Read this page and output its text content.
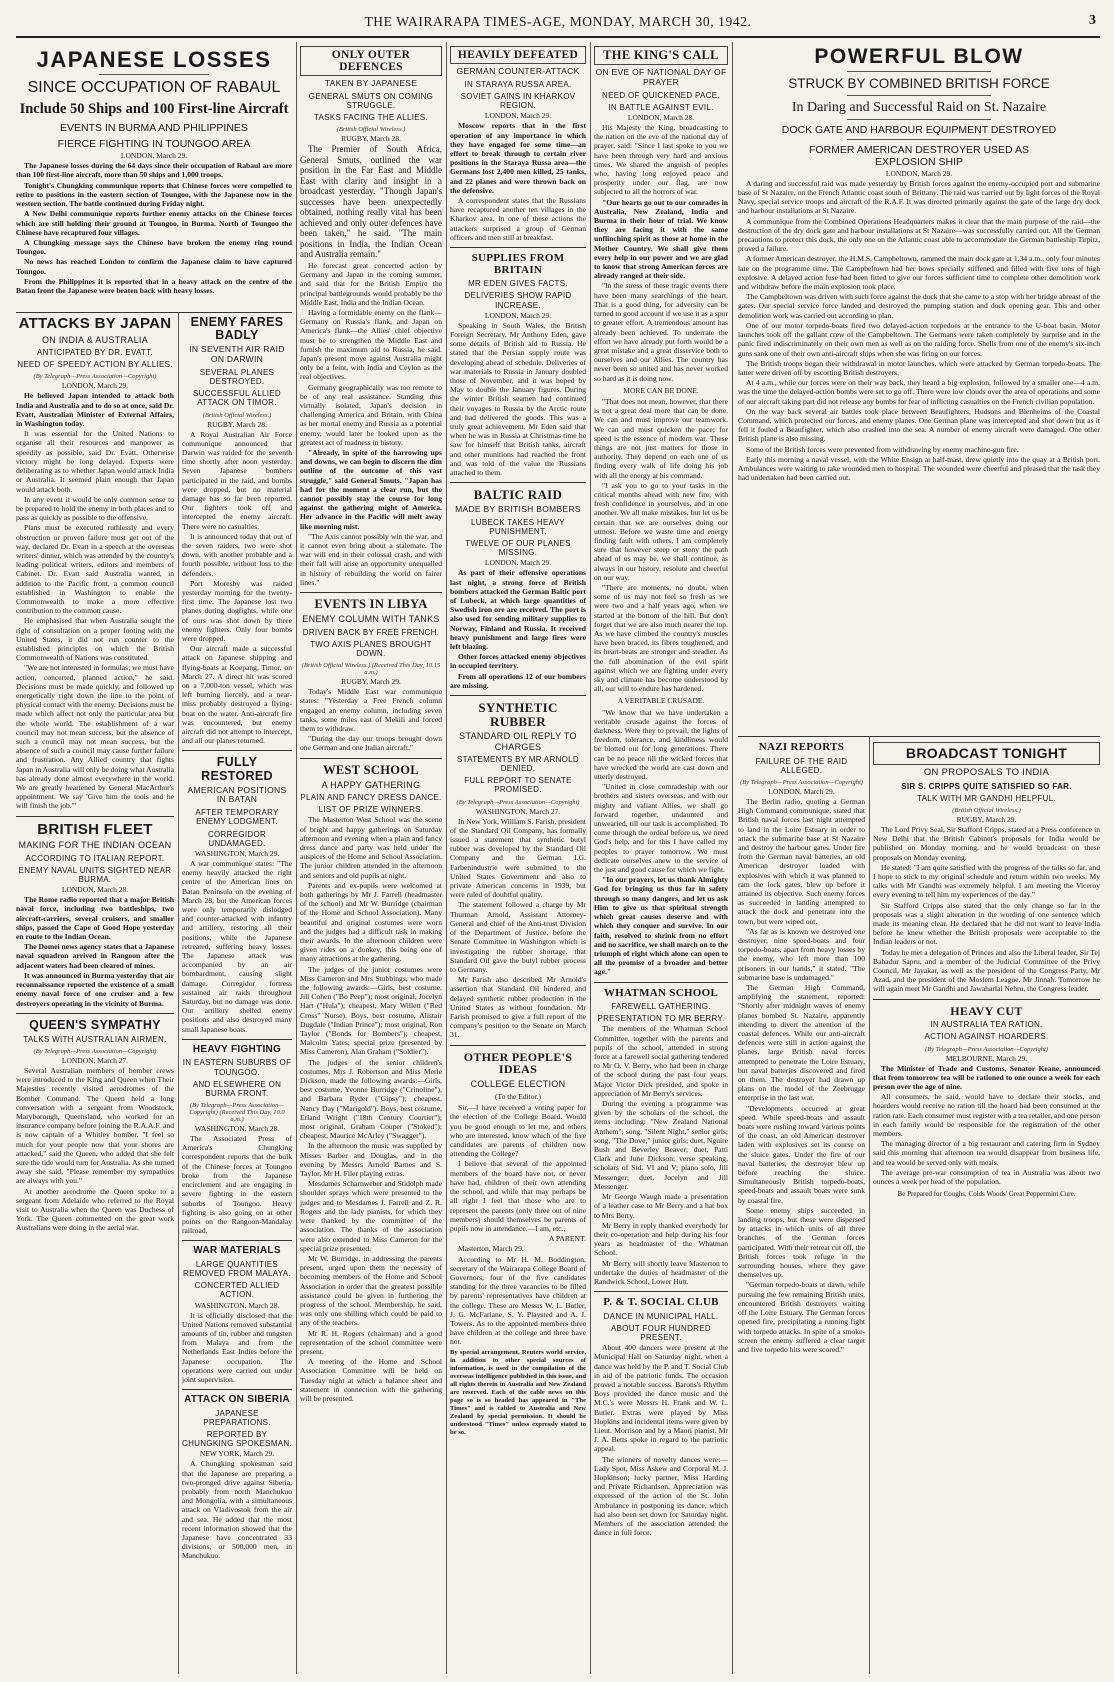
THE WAIRARAPA TIMES-AGE, MONDAY, MARCH 30, 1942.	3
JAPANESE LOSSES
SINCE OCCUPATION OF RABAUL
Include 50 Ships and 100 First-line Aircraft
EVENTS IN BURMA AND PHILIPPINES
FIERCE FIGHTING IN TOUNGOO AREA
LONDON, March 29.

The Japanese losses during the 64 days since their occupation of Rabaul are more than 100 first-line aircraft, more than 50 ships and 1,000 troops.

Tonight's Chungking communique reports that Chinese forces were compelled to retire to positions in the eastern section of Toungoo, with the Japanese now in the western section. The battle continued during Friday night.

A New Delhi communique reports further enemy attacks on the Chinese forces which are still holding their ground at Toungoo, in Burma. North of Toungoo the Chinese have recaptured four villages.

A Chungking message says the Chinese have broken the enemy ring round Toungoo.

No news has reached London to confirm the Japanese claim to have captured Toungoo.

From the Philippines it is reported that in a heavy attack on the centre of the Batan front the Japanese were beaten back with heavy losses.

ATTACKS BY JAPAN
ON INDIA & AUSTRALIA
ANTICIPATED BY DR. EVATT.
NEED OF SPEEDY ACTION BY ALLIES.
(By Telegraph—Press Association—Copyright)
LONDON, March 29.

He believed Japan intended to attack both India and Australia and to do so at once, said Dr. Evatt, Australian Minister of External Affairs, in Washington today.

It was essential for the United Nations to organise all their resources and manpower as speedily as possible, said Dr. Evatt. Otherwise victory might be long delayed. Experts were deliberating as to whether Japan would attack India or Australia. It seemed plain enough that Japan would attack both.

In any event it would be only common sense to be prepared to hold the enemy in both places and to pass as quickly as possible to the offensive.

Plans must be executed ruthlessly and every obstruction or proven failure must get out of the way, declared Dr. Evatt in a speech at the overseas writers' dinner, which was attended by the country's leading political writers, editors and members of Cabinet. Dr. Evatt said Australia wanted, in addition to the Pacific front, a common council established in Washington to enable the Commonwealth to make a more effective contribution to the common cause.

He emphasised that when Australia sought the right of consultation on a proper footing with the United States, it did not run counter to the established principles on which the British Commonwealth of Nations was constituted.

"We are not interested in formulas; we must have action, concerted, planned action," he said. Decisions must be made quickly, and followed up energetically right down the line to the point of physical contact with the enemy. Decisions must be made which affect not only the particular area but the whole world. The establishment of a war council may not mean success, but the absence of such a council may not mean success, but the absence of such a council may cause further failure and frustration. Any Allied country that fights Japan in Australia will only be doing what Australia has already done almost everywhere in the world. We are greatly heartened by General MacArthur's appointment. We say 'Give him the tools and he will finish the job.'"

BRITISH FLEET
MAKING FOR THE INDIAN OCEAN
ACCORDING TO ITALIAN REPORT.
ENEMY NAVAL UNITS SIGHTED NEAR BURMA.
LONDON, March 28.

The Rome radio reported that a major British naval force, including two battleships, two aircraft-carriers, several cruisers, and smaller ships, passed the Cape of Good Hope yesterday en route to the Indian Ocean.

The Domei news agency states that a Japanese naval squadron arrived in Rangoon after the adjacent waters had been cleared of mines.

It was announced in Burma yesterday that air reconnaissance reported the existence of a small enemy naval force of one cruiser and a few destroyers operating in the vicinity of Burma.

QUEEN'S SYMPATHY
TALKS WITH AUSTRALIAN AIRMEN.
(By Telegraph—Press Association—Copyright)
LONDON, March 27.

Several Australian members of bomber crews were introduced to the King and Queen when Their Majesties recently visited aerodromes of the Bomber Command. The Queen held a long conversation with a sergeant from Woodstock, Maryborough, Queensland, who worked for an insurance company before joining the R.A.A.F. and is now captain of a Whitley bomber. "I feel so much for your people now that your shores are attacked," said the Queen, who added that she felt sure the tide would turn for Australia. As she turned away she said, "Please remember my sympathies are always with you."

At another aerodrome the Queen spoke to a sergeant from Adelaide who referred to the Royal visit to Australia when the Queen was Duchess of York. The Queen commented on the great work Australians were doing in the aerial war.

ENEMY FARES BADLY
IN SEVENTH AIR RAID ON DARWIN
SEVERAL PLANES DESTROYED.
SUCCESSFUL ALLIED ATTACK ON TIMOR.
(British Official Wireless.)
RUGBY, March 28.

A Royal Australian Air Force communique announced that Darwin was raided for the seventh time shortly after noon yesterday. Seven Japanese bombers participated in the raid, and bombs were dropped, but no material damage has so far been reported. Our fighters took off and intercepted the enemy aircraft. There were no casualties.

It is announced today that out of the seven raiders, two were shot down, with another probable and a fourth possible, without loss to the defenders.

Port Moresby was raided yesterday morning for the twenty-first time. The Japanese lost two planes during dogfights, while one of ours was shot down by three enemy fighters. Only four bombs were dropped.

Our aircraft made a successful attack on Japanese shipping and flying-boats at Koepang, Timor, on March 27. A direct hit was scored on a 7,000-ton vessel, which was left burning fiercely, and a near-miss probably destroyed a flying-boat on the water. Anti-aircraft fire was encountered, but enemy aircraft did not attempt to intercept, and all our planes returned.

FULLY RESTORED
AMERICAN POSITIONS IN BATAN
AFTER TEMPORARY ENEMY LODGMENT.
CORREGIDOR UNDAMAGED.
WASHINGTON, March 29.

A war communique states: "The enemy heavily attacked the right centre of the American lines on Batan Peninsula on the evening of March 28, but the American forces were only temporarily dislodged and counter-attacked with infantry and artillery, restoring all their positions, while the Japanese retreated, suffering heavy losses. The Japanese attack was accompanied by an air bombardment, causing slight damage. Corregidor fortress sustained air raids throughout Saturday, but no damage was done. Our artillery shelled enemy positions and also destroyed many small Japanese boats.

HEAVY FIGHTING
IN EASTERN SUBURBS OF TOUNGOO.
AND ELSEWHERE ON BURMA FRONT.
(By Telegraph—Press Association—Copyright) (Received This Day, 10.0 a.m.)
WASHINGTON, March 28.

The Associated Press of America's Chungking correspondent reports that the bulk of the Chinese forces at Toungoo broke from the Japanese encirclement and are engaging in severe fighting in the eastern suburbs of Toungoo. Heavy fighting is also going on at other points on the Rangoon-Mandalay railroad.

WAR MATERIALS
LARGE QUANTITIES REMOVED FROM MALAYA.
CONCERTED ALLIED ACTION.
WASHINGTON, March 28.

It is officially disclosed that the United Nations removed substantial amounts of tin, rubber and tungsten from Malaya and from the Netherlands East Indies before the Japanese occupation. The operations were carried out under joint supervision.

ATTACK ON SIBERIA
JAPANESE PREPARATIONS.
REPORTED BY CHUNGKING SPOKESMAN.
NEW YORK, March 29.

A Chungking spokesman said that the Japanese are preparing a two-pronged drive against Siberia, probably from north Manchukuo and Mongolia, with a simultaneous attack on Vladivostok from the air and sea. He added that the most recent information showed that the Japanese have concentrated 33 divisions, or 500,000 men, in Manchukuo.

ONLY OUTER DEFENCES
TAKEN BY JAPANESE
GENERAL SMUTS ON COMING STRUGGLE.
TASKS FACING THE ALLIES.
(British Official Wireless.)
RUGBY, March 28.

The Premier of South Africa, General Smuts, outlined the war position in the Far East and Middle East with clarity and insight in a broadcast yesterday. "Though Japan's successes have been unexpectedly obtained, nothing really vital has been achieved and only outer defences have been taken," he said. "The main positions in India, the Indian Ocean and Australia remain."

He forecast great concerted action by Germany and Japan in the coming summer, and said that for the British Empire the principal battlegrounds would probably be the Middle East, India and the Indian Ocean.

Having a formidable enemy on the flank—Germany on Russia's flank, and Japan on America's flank—the Allies' chief objective must be to strengthen the Middle East and furnish the maximum aid to Russia, he said. Japan's present move against Australia might only be a feint, with India and Ceylon as the real objectives.

Germany geographically was too remote to be of any real assistance. Standing thus virtually isolated, Japan's decision in challenging America and Britain, with China as her mortal enemy and Russia as a potential enemy, would later be looked upon as the greatest act of madness in history.

"Already, in spite of the harrowing ups and downs, we can begin to discern the dim outline of the outcome of this vast struggle," said General Smuts. "Japan has had for the moment a clear run, but the cannot possibly stay the course for long against the gathering might of America. Her advance in the Pacific will melt away like morning mist.

"The Axis cannot possibly win the war, and it cannot even bring about a stalemate. The war will end in their colossal crash, and with their fall will arise an opportunity unequalled in history of rebuilding the world on fairer lines."

EVENTS IN LIBYA
ENEMY COLUMN WITH TANKS
DRIVEN BACK BY FREE FRENCH.
TWO AXIS PLANES BROUGHT DOWN.
(British Official Wireless.) (Received This Day, 10.15 a.m.)
RUGBY, March 29.

Today's Middle East war communique states: "Yesterday a Free French column engaged an enemy column, including seven tanks, some miles east of Mekili and forced them to withdraw.

"During the day our troops brought down one German and one Italian aircraft."

WEST SCHOOL
A HAPPY GATHERING
PLAIN AND FANCY DRESS DANCE.
LIST OF PRIZE WINNERS.

The Masterton West School was the scene of bright and happy gatherings on Saturday afternoon and evening when a plain and fancy dress dance and party was held under the auspices of the Home and School Association. The junior children attended in the afternoon and seniors and old pupils at night.

Parents and ex-pupils were welcomed at both gatherings by Mr J. Farrell (headmaster of the school) and Mr W. Burridge (chairman of the Home and School Association). Many beautiful and original costumes were worn and the judges had a difficult task in making their awards. In the afternoon children were given rides on a donkey, this being one of many attractions at the gathering.

The judges of the junior costumes were Miss Cameron and Mrs Stubbings, who made the following awards:—Girls, best costume, Jill Cohen ("Bo Peep"); most original, Jocelyn Hart ("Hula"); cheapest, Mary Willett ("Red Cross" Nurse). Boys, best costume, Alistair Dugdale ("Indian Prince"); most original, Ron Taylor ("Bonds for Bombers"); cheapest, Malcolm Yates; special prize (presented by Miss Cameron), Alan Graham ("Soldier").

The judges of the senior children's costumes, Mrs J. Robertson and Miss Merle Dickson, made the following awards:—Girls, best costume, Yvonne Burridge ("Crinoline"), and Barbara Ryder ("Gipsy"); cheapest, Nancy Day ("Marigold"). Boys, best costume, Erland Wright ("18th Century Courtier"); most original, Graham Couper ("Stoked"); cheapest, Maurice McArley ("Swagger").

In the afternoon the music was supplied by Misses Barber and Douglas, and in the evening by Messrs Arnold Barnes and S. Taylor, Mr H. Filer playing extras.

Mesdames Scharnweber and Stidolph made shoulder sprays which were presented to the judges and to Mesdames J. Farrell and Z. R. Rogers and the lady pianists, for which they were thanked by the committee of the association. The thanks of the association were also extended to Miss Cameron for the special prize presented.

Mr W. Burridge, in addressing the parents present, urged upon them the necessity of becoming members of the Home and School Association in order that the greatest possible assistance could be given in furthering the progress of the school. Membership, he said, was only one shilling which could be paid to any of the teachers.

Mr R. H. Rogers (chairman) and a good representation of the school committee were present.

A meeting of the Home and School Association Committee will be held on Tuesday night at which a balance sheet and statement in connection with the gathering will be presented.

HEAVILY DEFEATED
GERMAN COUNTER-ATTACK
IN STARAYA RUSSA AREA.
SOVIET GAINS IN KHARKOV REGION.
LONDON, March 29.

Moscow reports that in the first operation of any importance in which they have engaged for some time—an effort to break through to certain river positions in the Staraya Russa area—the Germans lost 2,400 men killed, 25 tanks, and 22 planes and were thrown back on the defensive.

A correspondent states that the Russians have recaptured another ten villages in the Kharkov area. In one of these actions the attackers surprised a group of German officers and men still at breakfast.

SUPPLIES FROM BRITAIN
MR EDEN GIVES FACTS.
DELIVERIES SHOW RAPID INCREASE.
LONDON, March 29.

Speaking in South Wales, the British Foreign Secretary, Mr Anthony Eden, gave some details of British aid to Russia. He stated that the Persian supply route was developing ahead of schedule. Deliveries of war materials to Russia in January doubled those of November, and it was hoped by May to double the January figures. During the winter British seamen had continued their voyages to Russia by the Arctic route and had delivered the goods. This was a truly great achievement. Mr Eden said that when he was in Russia at Christmas time he saw for himself that British tanks, aircraft and other munitions had reached the front and was told of the value the Russians attached to them.

BALTIC RAID
MADE BY BRITISH BOMBERS
LUBECK TAKES HEAVY PUNISHMENT.
TWELVE OF OUR PLANES MISSING.
LONDON, March 29.

As part of their offensive operations last night, a strong force of British bombers attacked the German Baltic port of Lubeck, at which large quantities of Swedish iron ore are received. The port is also used for sending military supplies to Norway, Finland and Russia. It received heavy punishment and large fires were left blazing.

Other forces attacked enemy objectives in occupied territory.

From all operations 12 of our bombers are missing.

SYNTHETIC RUBBER
STANDARD OIL REPLY TO CHARGES
STATEMENTS BY MR ARNOLD DENIED.
FULL REPORT TO SENATE PROMISED.
(By Telegraph—Press Association—Copyright)
WASHINGTON, March 27.

In New York, William S. Farish, president of the Standard Oil Company, has formally issued a statement that synthetic butyl rubber was developed by the Standard Oil Company and the German I.G. Farbenindustrie were submitted to the United States Government and also to private American concerns in 1939, but were ruled of doubtful quality.

The statement followed a charge by Mr Thurman Arnold, Assistant Attorney-General and chief of the Anti-trust Division of the Department of Justice, before the Senate Committee in Washington which is investigating the rubber shortage, that Standard Oil gave the butyl rubber process to Germany.

Mr Farish also described Mr Arnold's assertion that Standard Oil hindered and delayed synthetic rubber production in the United States as without foundation. Mr Farish promised to give a full report of the company's position to the Senate on March 31.

OTHER PEOPLE'S IDEAS
COLLEGE ELECTION

(To the Editor.)

Sir,—I have received a voting paper for the election of the College Board. Would you be good enough to let me, and others who are interested, know which of the five candidates are parents of children now attending the College?

I believe that several of the appointed members of the board have not, or never have had, children of their own attending the school, and while that may perhaps be all right I feel that those who are to represent the parents (only three out of nine members) should themselves be parents of pupils now in attendance.—I am, etc.,

A PARENT.

Masterton, March 29.

According to Mr H. M. Boddington, secretary of the Wairarapa College Board of Governors, four of the five candidates standing for the three vacancies to be filled by parents' representatives have children at the college. These are Messrs W. L. Butler, J. G. McFarlane, S. Y. Playsted and A. J. Towers. As to the appointed members three have children at the college and three have not.

By special arrangement, Reuters world service, in addition to other special sources of information, is used in the compilation of the overseas intelligence published in this issue, and all rights therein in Australia and New Zealand are reserved. Each of the cable news on this page so is so headed has appeared in "The Times" and is cabled to Australia and New Zealand by special permission. It should be understood "Times" unless expressly stated to be so.
THE KING'S CALL
ON EVE OF NATIONAL DAY OF PRAYER
NEED OF QUICKENED PACE.
IN BATTLE AGAINST EVIL.
LONDON, March 28.

His Majesty the King, broadcasting to the nation on the eve of the national day of prayer, said: "Since I last spoke to you we have been through very hard and anxious times. We shared the anguish of peoples who, having long enjoyed peace and prosperity under our flag, are now subjected to all the horrors of war.

"Our hearts go out to our comrades in Australia, New Zealand, India and Burma in their hour of trial. We know they are facing it with the same unflinching spirit as those at home in the Mother Country. We shall give them every help in our power and we are glad to know that strong American forces are already ranged at their side.

"In the stress of these tragic events there have been many searchings of the heart. That is a good thing, for adversity can be turned to good account if we use it as a spur to greater effort. A tremendous amount has already been achieved. To underrate the effort we have already put forth would be a great mistake and a great disservice both to ourselves and our Allies. The country has never been so united and has never worked so hard as it is doing now.

MORE CAN BE DONE.

"That does not mean, however, that there is not a great deal more that can be done. We can and must improve our teamwork. We can and must quicken the pace; for speed is the essence of modern war. These things are not just matters for those in authority. They depend on each one of us finding every walk of life doing his job with all the energy at his command.

"I ask you to go to your tasks in the critical months ahead with new fire, with fresh confidence in yourselves, and in one another. We all make mistakes, but let us be certain that we are ourselves doing our utmost. Before we waste time and energy finding fault with others, I am completely sure that however steep or stony the path ahead of us may be, we shall continue, as always in our history, resolute and cheerful on our way.

"There are moments, no doubt, when some of us may not feel so fresh as we were two and a half years ago, when we started at the bottom of the hill. But don't forget that we are also much nearer the top. As we have climbed the country's muscles have been braced, its fibres toughened, and its heart-beats are stronger and steadier. As the full abomination of the evil spirit against which we are fighting under every sky and climate has become understood by all, our will to endure has hardened.

A VERITABLE CRUSADE.

"We know that we have undertaken a veritable crusade against the forces of darkness. Were they to prevail, the lights of freedom, tolerance, and kindliness would be blotted out for long generations. There can be no peace till the wicked forces that have wrecked the world are cast down and utterly destroyed.

"United in close comradeship with our brothers and sisters overseas, and with our mighty and valiant Allies, we shall go forward together, undaunted and unwearied, till our task is accomplished. To come through the ordeal before us, we need God's help, and for this I have called my peoples to prayer tomorrow. We must dedicate ourselves anew to the service of the just and good cause for which we fight.

"In our prayers, let us thank Almighty God for bringing us thus far in safety through so many dangers, and let us ask Him to give us that spiritual strength which great causes deserve and with which they conquer and survive. In our faith, resolved to shrink from no effort and no sacrifice, we shall march on to the triumph of right which alone can open to all the promise of a broader and better age."

WHATMAN SCHOOL
FAREWELL GATHERING.
PRESENTATION TO MR BERRY.

The members of the Whatman School Committee, together with the parents and pupils of the school, attended in strong force at a farewell social gathering tendered to Mr O. V. Berry, who had been in charge of the school during the past four years. Major Victor Dick presided, and spoke in appreciation of Mr Berry's services.

During the evening a programme was given by the scholars of the school, the items including: "New Zealand National Anthem"; song, "Silent Night," senior girls; song, "The Dove," junior girls; duet, Nguire Bush and Beverley Beaver; duet, Patti Clark and June Dickson; verse speaking, scholars of Std. VI and V; piano solo, Jill Messenger; duet, Jocelyn and Jill Messenger.

Mr George Waugh made a presentation of a leather case to Mr Berry and a hat box to Mrs Berry.

Mr Berry in reply thanked everybody for their co-operation and help during his four years as headmaster of the Whatman School.

Mr Berry will shortly leave Masterton to undertake the duties of headmaster of the Randwick School, Lower Hutt.

P. & T. SOCIAL CLUB
DANCE IN MUNICIPAL HALL.
ABOUT FOUR HUNDRED PRESENT.

About 400 dancers were present at the Municipal Hall on Saturday night, when a dance was held by the P. and T. Social Club in aid of the patriotic funds. The occasion proved a notable success. Barons's Rhythm Boys provided the dance music and the M.C.'s were Messrs H. Frank and W. L. Butler. Extras were played by Miss Hopkins and incidental items were given by Lieut. Morrison and by a Maori pianist. Mr J. A. Betts spoke in regard to the patriotic appeal.

The winners of novelty dances were:—Lady Spot, Miss Askew and Corporal M. J. Hopkinson; lucky partner, Miss Harding and Private Richardson. Appreciation was expressed of the action of the St. John Ambulance in postponing its dance, which had also been set down for Saturday night. Members of the association attended the dance in full force.

POWERFUL BLOW
STRUCK BY COMBINED BRITISH FORCE
In Daring and Successful Raid on St. Nazaire
DOCK GATE AND HARBOUR EQUIPMENT DESTROYED
FORMER AMERICAN DESTROYER USED AS EXPLOSION SHIP
LONDON, March 29.

A daring and successful raid was made yesterday by British forces against the enemy-occupied port and submarine base of St Nazaire, on the French Atlantic coast south of Brittany. The raid was carried out by light forces of the Royal Navy, special service troops and aircraft of the R.A.F. It was directed primarily against the gate of the large dry dock and harbour installations at St Nazaire.

A communique from the Combined Operations Headquarters makes it clear that the main purpose of the raid—the destruction of the dry dock gate and harbour installations at St Nazaire—was successfully carried out. All the German precautions to protect this dock, the only one on the Atlantic coast able to accommodate the German battleship Tirpitz, proved a failure.

A former American destroyer, the H.M.S. Campbeltown, rammed the main dock gate at 1.34 a.m., only four minutes late on the programme time. The Campbeltown had her bows specially stiffened and filled with five tons of high explosive. A delayed action fuse had been fitted to give our forces sufficient time to complete other demolition work and withdraw before the main explosion took place.

The Campbeltown was driven with such force against the dock that she came to a stop with her bridge abreast of the gates. Our special service force landed and destroyed the pumping station and dock opening gear. This and other demolition work was carried out according to plan.

One of our motor torpedo-boats fired two delayed-action torpedoes at the entrance to the U-boat basin. Motor launches took off the gallant crew of the Campbeltown. The Germans were taken completely by surprise and in the panic fired indiscriminately on their own men as well as on the raiding force. Shells from one of the enemy's six-inch guns sank one of their own anti-aircraft ships when she was firing on our forces.

The British troops began their withdrawal in motor launches, which were attacked by German torpedo-boats. The latter were driven off by escorting British destroyers.

At 4 a.m., while our forces were on their way back, they heard a big explosion, followed by a smaller one—4 a.m. was the time the delayed-action bombs were set to go off. There were low clouds over the area of operations and some of our aircraft taking part did not release any bombs for fear of inflicting casualties on the French civilian population.

On the way back several air battles took place between Beaufighters, Hudsons and Blenheims of the Coastal Command, which protected our forces, and enemy planes. One German plane was intercepted and shot down but as it fell it fouled a Beaufighter, which also crashed into the sea. A number of enemy aircraft were damaged. One other British plane is also missing.

Some of the British forces were prevented from withdrawing by enemy machine-gun fire.

Early this morning a naval vessel, with the White Ensign at half-mast, drew quietly into the quay at a British port. Ambulances were waiting to take wounded men to hospital. The wounded were cheerful and pleased that the task they had undertaken had been carried out.

NAZI REPORTS
FAILURE OF THE RAID ALLEGED.
(By Telegraph—Press Association—Copyright)
LONDON, March 29.

The Berlin radio, quoting a German High Command communique, stated that British naval forces last night attempted to land in the Loire Estuary in order to attack the submarine base at St Nazaire and destroy the harbour gates. Under fire from the German naval batteries, an old American destroyer loaded with explosives with which it was planned to ram the lock gates, blew up before it attained its objective. Such enemy forces as succeeded in landing attempted to attack the dock and penetrate into the town, but were wiped out.

"As far as is known we destroyed one destroyer, nine speed-boats and four torpedo-boats, apart from heavy losses by the enemy, who left more than 100 prisoners in our hands," it stated. "The submarine base is undamaged."

The German High Command, amplifying the statement, reported: "Shortly after midnight waves of enemy planes bombed St. Nazaire, apparently intending to divert the attention of the coastal defences. While our anti-aircraft defences were still in action against the planes, large British naval forces attempted to penetrate the Loire Estuary, but naval batteries discovered and fired on them. The destroyer had drawn up plans on the model of the Zeebrugge enterprise in the last war.

"Developments occurred at great speed. While speed-boats and assault boats were rushing toward various points of the coast, an old American destroyer laden with explosives set its course on the sluice gates. Under the fire of our naval batteries, the destroyer blew up before reaching the sluice. Simultaneously British torpedo-boats, speed-boats and assault boats were sunk by coastal fire.

Some enemy ships succeeded in landing troops, but these were dispersed by attacks in which units of all three branches of the German forces participated. With their retreat cut off, the British forces took refuge in the surrounding houses, where they gave themselves up.

"German torpedo-boats at dawn, while pursuing the few remaining British units, encountered British destroyers waiting off the Loire Estuary. The German forces opened fire, precipitating a running fight with torpedo attacks. In spite of a smoke-screen the enemy suffered a clear target and five torpedo hits were scored."

BROADCAST TONIGHT
ON PROPOSALS TO INDIA
SIR S. CRIPPS QUITE SATISFIED SO FAR.
TALK WITH MR GANDHI HELPFUL.
(British Official Wireless.)
RUGBY, March 29.

The Lord Privy Seal, Sir Stafford Cripps, stated at a Press conference in New Delhi that the British Cabinet's proposals for India would be published on Monday morning, and he would broadcast on these proposals on Monday evening.

He stated: "I am quite satisfied with the progress of the talks so far, and I hope to stick to my original schedule and return within two weeks. My talks with Mr Gandhi was extremely helpful. I am meeting the Viceroy every evening to tell him my experiences of the day."

Sir Stafford Cripps also stated that the only change so far in the proposals was a slight alteration in the wording of one sentence which made its meaning clear. He declared that he did not want to leave India before he knew whether the British proposals were acceptable to the Indian leaders or not.

Today he met a delegation of Princes and also the Liberal leader, Sir Tej Bahadur Sapru, and a member of the Judicial Committee of the Privy Council, Mr Jayakar, as well as the president of the Congress Party, Mr Azad, and the president of the Moslem League, Mr Jinnah. Tomorrow he will again meet Mr Gandhi and Jawaharlal Nehru, the Congress leader.

HEAVY CUT
IN AUSTRALIA TEA RATION.
ACTION AGAINST HOARDERS.
(By Telegraph—Press Association—Copyright)
MELBOURNE, March 29.

The Minister of Trade and Customs, Senator Keane, announced that from tomorrow tea will be rationed to one ounce a week for each person over the age of nine.

All consumers, he said, would have to declare their stocks, and hoarders would receive no ration till the hoard had been consumed at the ration rate. Each consumer must register with a tea retailer, and one person in each family would be responsible for the registration of the other members.

The managing director of a big restaurant and catering firm in Sydney said this morning that afternoon tea would disappear from business life, and tea would be served only with meals.

The average pre-war consumption of tea in Australia was about two ounces a week per head of the population.

Be Prepared for Coughs, Colds Woods' Great Peppermint Cure.
